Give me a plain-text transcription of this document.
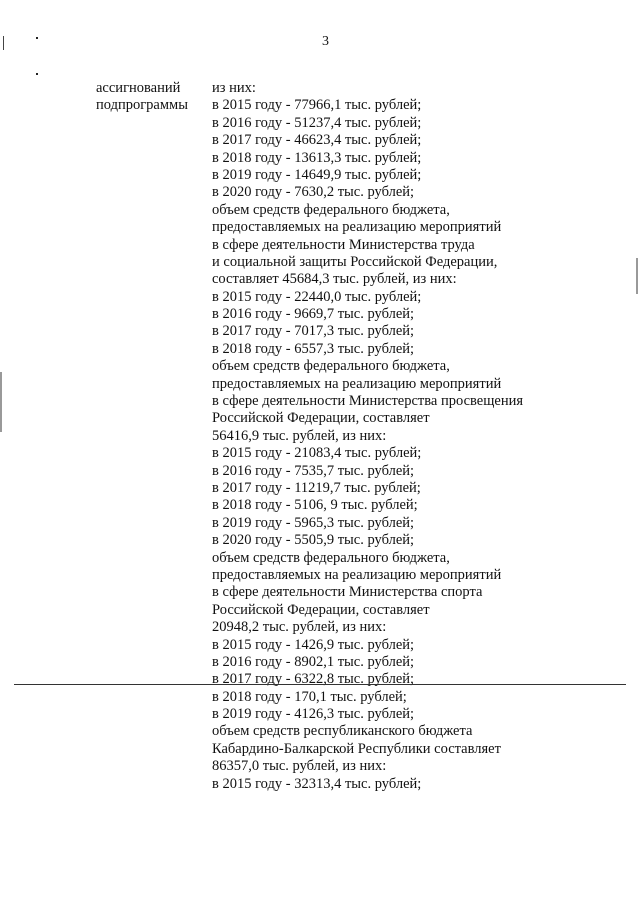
3
ассигнований
подпрограммы
из них:
в 2015 году - 77966,1 тыс. рублей;
в 2016 году - 51237,4 тыс. рублей;
в 2017 году - 46623,4 тыс. рублей;
в 2018 году - 13613,3 тыс. рублей;
в 2019 году - 14649,9 тыс. рублей;
в 2020 году - 7630,2 тыс. рублей;
объем средств федерального бюджета,
предоставляемых на реализацию мероприятий
в сфере деятельности Министерства труда
и социальной защиты Российской Федерации,
составляет 45684,3 тыс. рублей, из них:
в 2015 году - 22440,0 тыс. рублей;
в 2016 году - 9669,7 тыс. рублей;
в 2017 году - 7017,3 тыс. рублей;
в 2018 году - 6557,3 тыс. рублей;
объем средств федерального бюджета,
предоставляемых на реализацию мероприятий
в сфере деятельности Министерства просвещения
Российской Федерации, составляет
56416,9 тыс. рублей, из них:
в 2015 году - 21083,4 тыс. рублей;
в 2016 году - 7535,7 тыс. рублей;
в 2017 году - 11219,7 тыс. рублей;
в 2018 году - 5106, 9 тыс. рублей;
в 2019 году - 5965,3 тыс. рублей;
в 2020 году - 5505,9 тыс. рублей;
объем средств федерального бюджета,
предоставляемых на реализацию мероприятий
в сфере деятельности Министерства спорта
Российской Федерации, составляет
20948,2 тыс. рублей, из них:
в 2015 году - 1426,9 тыс. рублей;
в 2016 году - 8902,1 тыс. рублей;
в 2017 году - 6322,8 тыс. рублей;
в 2018 году - 170,1 тыс. рублей;
в 2019 году - 4126,3 тыс. рублей;
объем средств республиканского бюджета
Кабардино-Балкарской Республики составляет
86357,0 тыс. рублей, из них:
в 2015 году - 32313,4 тыс. рублей;
